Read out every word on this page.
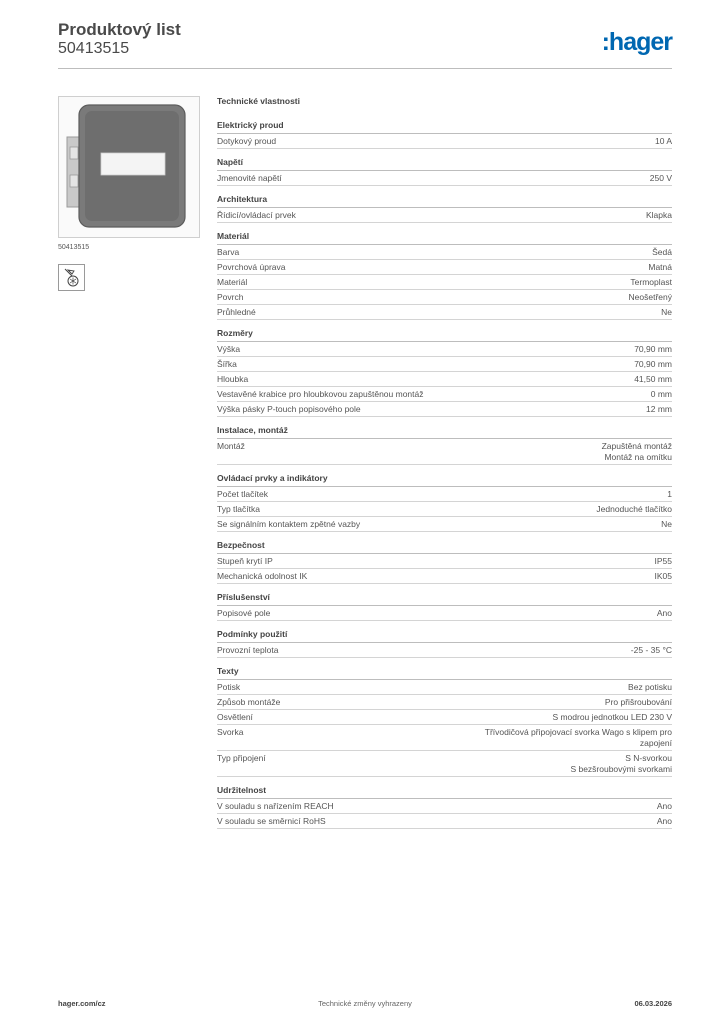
Produktový list
50413515	:hager
50413515
Technické vlastnosti
Elektrický proud
Dotykový proud	10 A
Napětí
Jmenovité napětí	250 V
Architektura
Řídicí/ovládací prvek	Klapka
Materiál
Barva	Šedá
Povrchová úprava	Matná
Materiál	Termoplast
Povrch	Neošetřený
Průhledné	Ne
Rozměry
Výška	70,90 mm
Šířka	70,90 mm
Hloubka	41,50 mm
Vestavěné krabice pro hloubkovou zapuštěnou montáž	0 mm
Výška pásky P-touch popisového pole	12 mm
Instalace, montáž
Montáž	Zapuštěná montáž
Montáž na omítku
Ovládací prvky a indikátory
Počet tlačítek	1
Typ tlačítka	Jednoduché tlačítko
Se signálním kontaktem zpětné vazby	Ne
Bezpečnost
Stupeň krytí IP	IP55
Mechanická odolnost IK	IK05
Příslušenství
Popisové pole	Ano
Podmínky použití
Provozní teplota	-25 - 35 °C
Texty
Potisk	Bez potisku
Způsob montáže	Pro přišroubování
Osvětlení	S modrou jednotkou LED 230 V
Svorka	Třívodičová připojovací svorka Wago s klipem pro
zapojení
Typ připojení	S N-svorkou
S bezšroubovými svorkami
Udržitelnost
V souladu s nařízením REACH	Ano
V souladu se směrnicí RoHS	Ano
hager.com/cz	Technické změny vyhrazeny	06.03.2026
